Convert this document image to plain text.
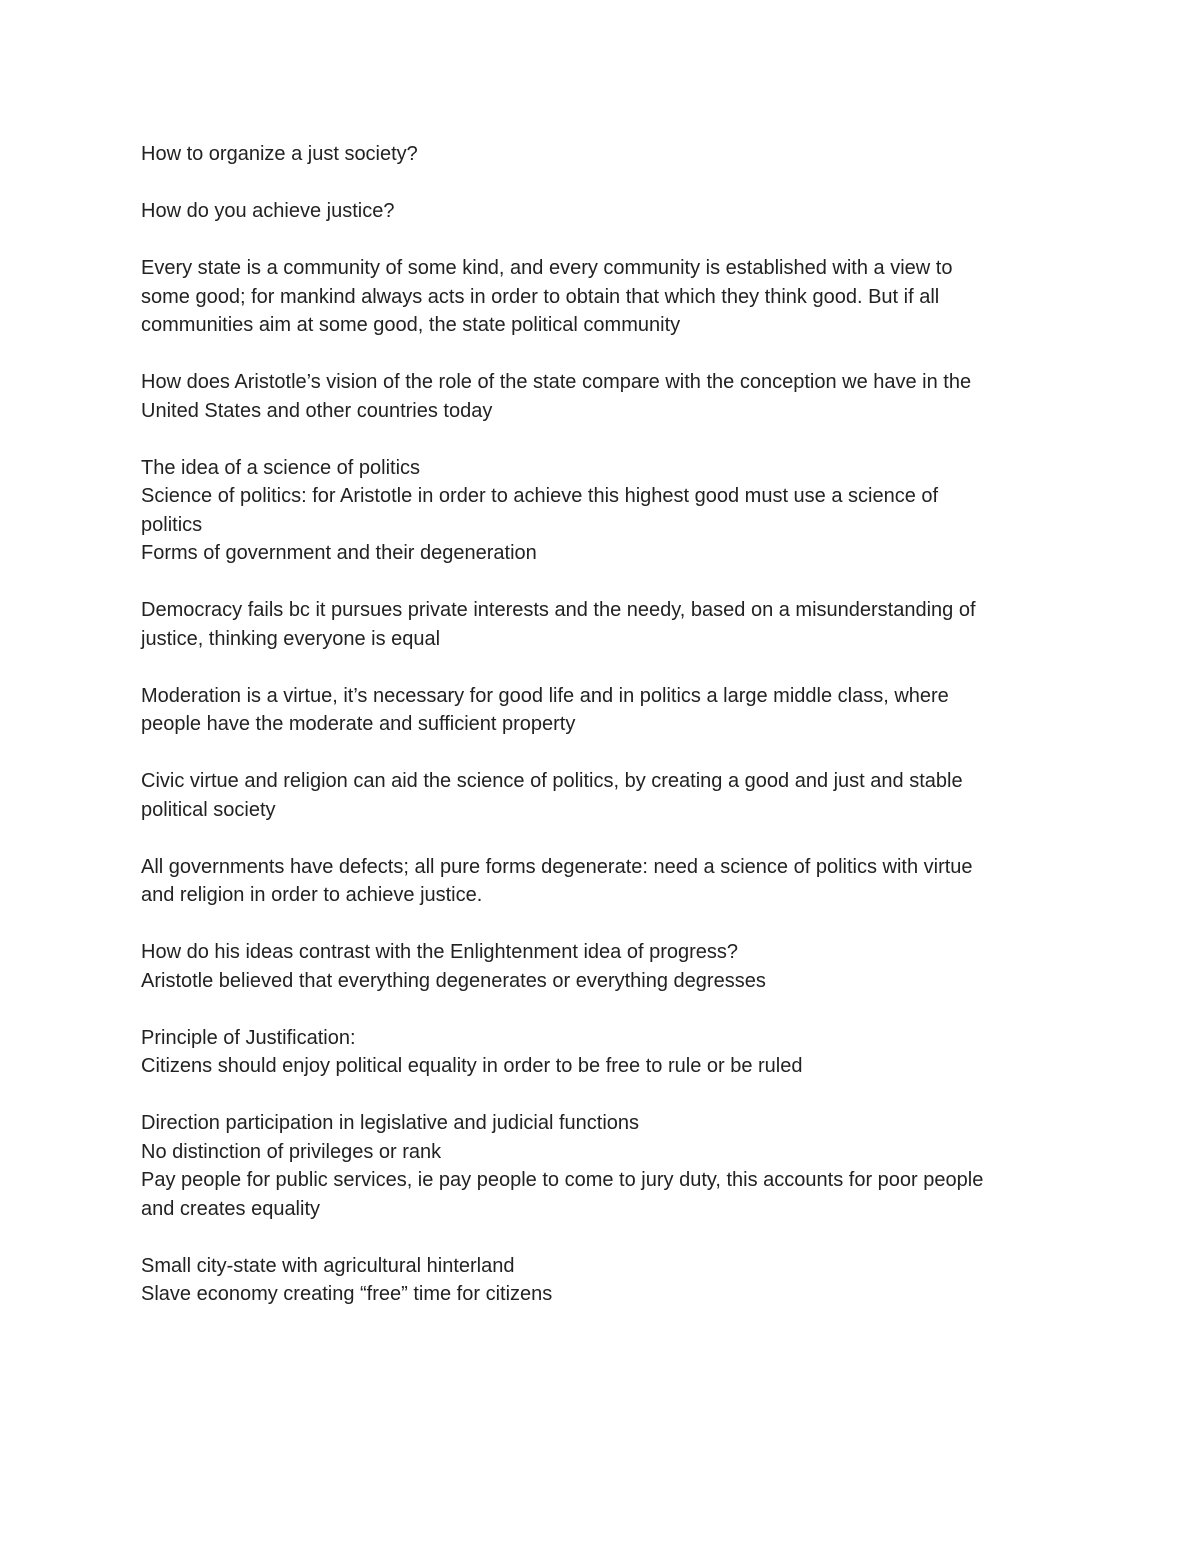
How to organize a just society?
How do you achieve justice?
Every state is a community of some kind, and every community is established with a view to
some good; for mankind always acts in order to obtain that which they think good. But if all
communities aim at some good, the state political community
How does Aristotle’s vision of the role of the state compare with the conception we have in the
United States and other countries today
The idea of a science of politics
Science of politics: for Aristotle in order to achieve this highest good must use a science of
politics
Forms of government and their degeneration
Democracy fails bc it pursues private interests and the needy, based on a misunderstanding of
justice, thinking everyone is equal
Moderation is a virtue, it’s necessary for good life and in politics a large middle class, where
people have the moderate and sufficient property
Civic virtue and religion can aid the science of politics, by creating a good and just and stable
political society
All governments have defects; all pure forms degenerate: need a science of politics with virtue
and religion in order to achieve justice.
How do his ideas contrast with the Enlightenment idea of progress?
Aristotle believed that everything degenerates or everything degresses
Principle of Justification:
Citizens should enjoy political equality in order to be free to rule or be ruled
Direction participation in legislative and judicial functions
No distinction of privileges or rank
Pay people for public services, ie pay people to come to jury duty, this accounts for poor people
and creates equality
Small city-state with agricultural hinterland
Slave economy creating “free” time for citizens
